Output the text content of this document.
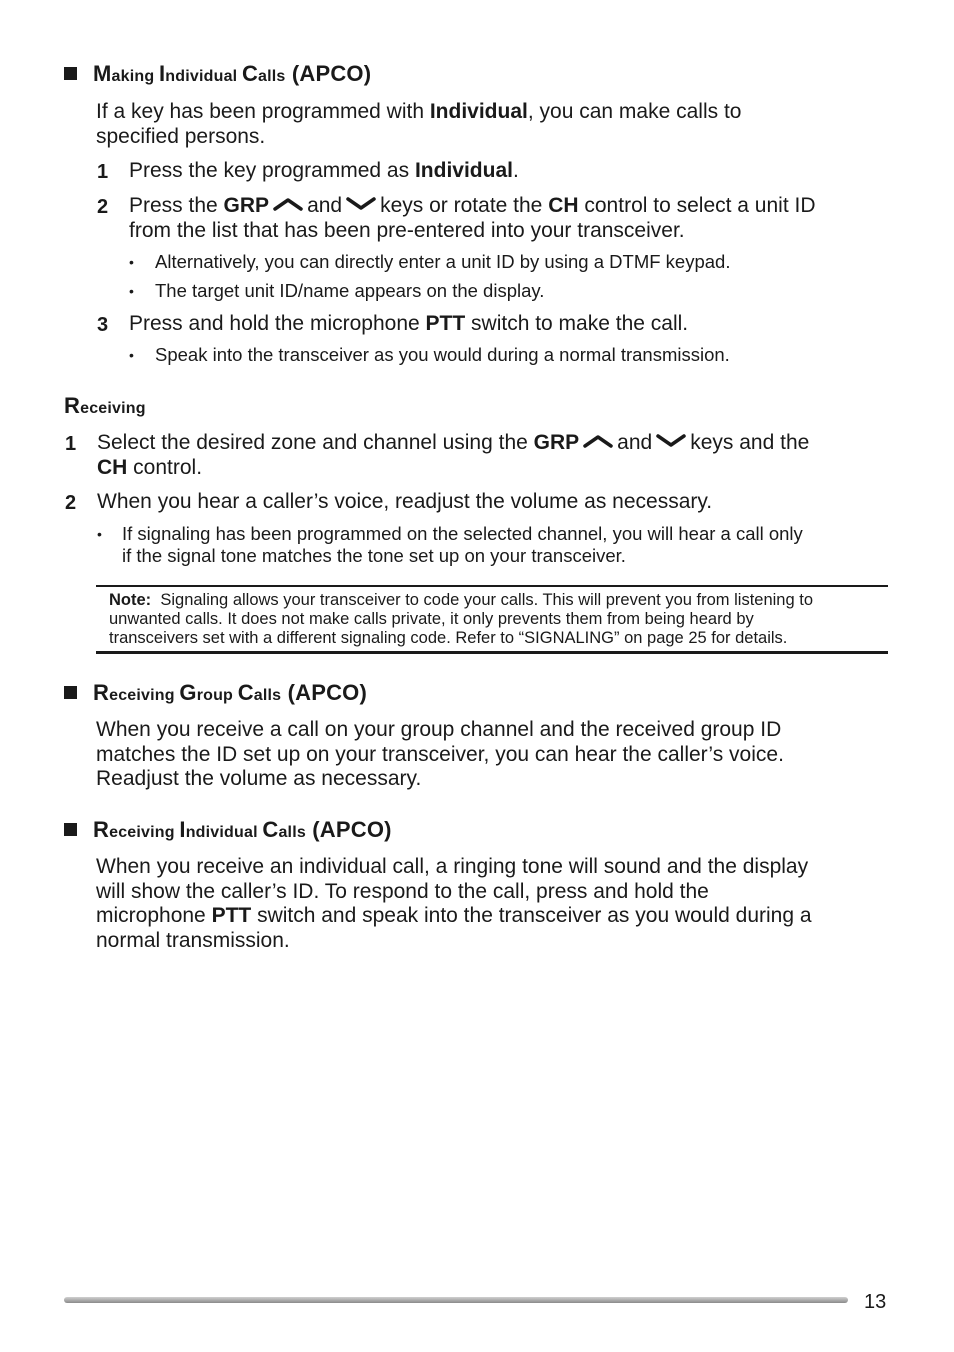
Making Individual Calls (APCO)
If a key has been programmed with Individual, you can make calls to
specified persons.
1 Press the key programmed as Individual.
2 Press the GRP and keys or rotate the CH control to select a unit ID
from the list that has been pre-entered into your transceiver.
• Alternatively, you can directly enter a unit ID by using a DTMF keypad.
• The target unit ID/name appears on the display.
3 Press and hold the microphone PTT switch to make the call.
• Speak into the transceiver as you would during a normal transmission.
Receiving
1 Select the desired zone and channel using the GRP and keys and the
CH control.
2 When you hear a caller’s voice, readjust the volume as necessary.
• If signaling has been programmed on the selected channel, you will hear a call only
if the signal tone matches the tone set up on your transceiver.
Note: Signaling allows your transceiver to code your calls. This will prevent you from listening to
unwanted calls. It does not make calls private, it only prevents them from being heard by
transceivers set with a different signaling code. Refer to “SIGNALING” on page 25 for details.
Receiving Group Calls (APCO)
When you receive a call on your group channel and the received group ID
matches the ID set up on your transceiver, you can hear the caller’s voice.
Readjust the volume as necessary.
Receiving Individual Calls (APCO)
When you receive an individual call, a ringing tone will sound and the display
will show the caller’s ID. To respond to the call, press and hold the
microphone PTT switch and speak into the transceiver as you would during a
normal transmission.
13
